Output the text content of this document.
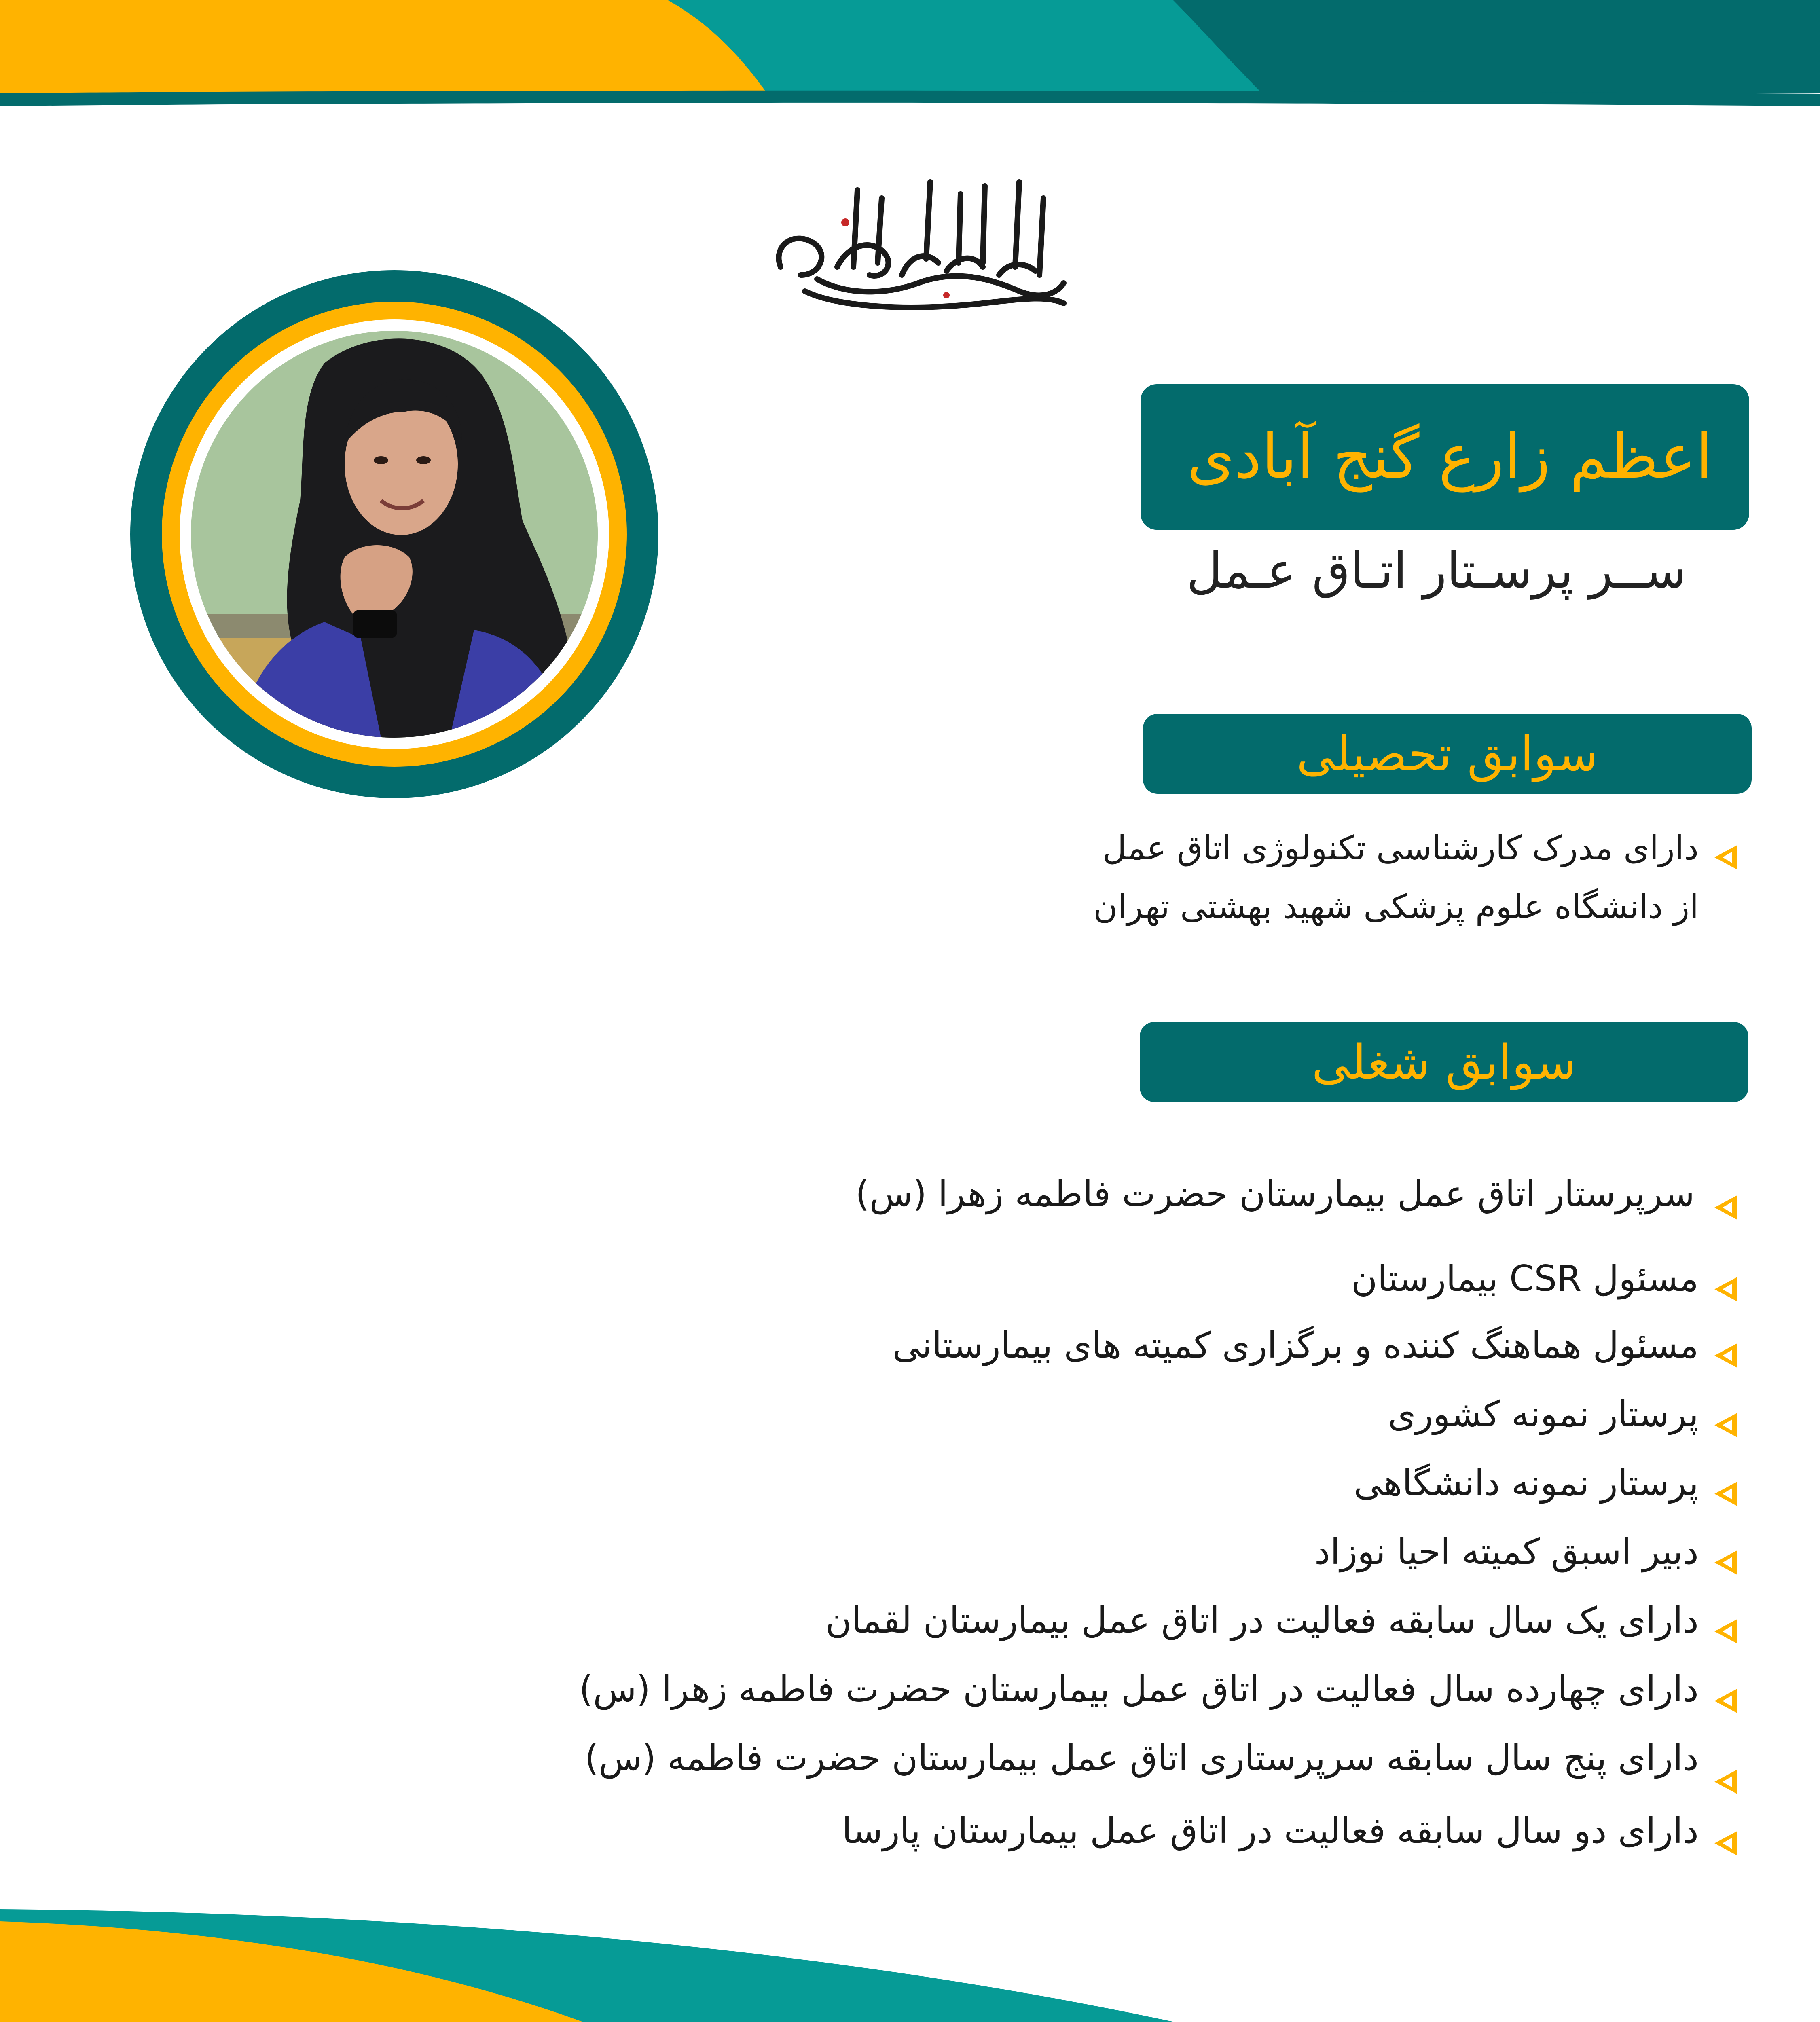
اعظم زارع گنج آبادی
ســر پرسـتار اتـاق عـمل
سوابق تحصیلی
دارای مدرک کارشناسی تکنولوژی اتاق عمل
از دانشگاه علوم پزشکی شهید بهشتی تهران
سوابق شغلی
سرپرستار اتاق عمل بیمارستان حضرت فاطمه زهرا (س)
مسئول CSR بیمارستان
مسئول هماهنگ کننده و برگزاری کمیته های بیمارستانی
پرستار نمونه کشوری
پرستار نمونه دانشگاهی
دبیر اسبق کمیته احیا نوزاد
دارای یک سال سابقه فعالیت در اتاق عمل بیمارستان لقمان
دارای چهارده سال فعالیت در اتاق عمل بیمارستان حضرت فاطمه زهرا (س)
دارای پنج سال سابقه سرپرستاری اتاق عمل بیمارستان حضرت فاطمه (س)
دارای دو سال سابقه فعالیت در اتاق عمل بیمارستان پارسا
